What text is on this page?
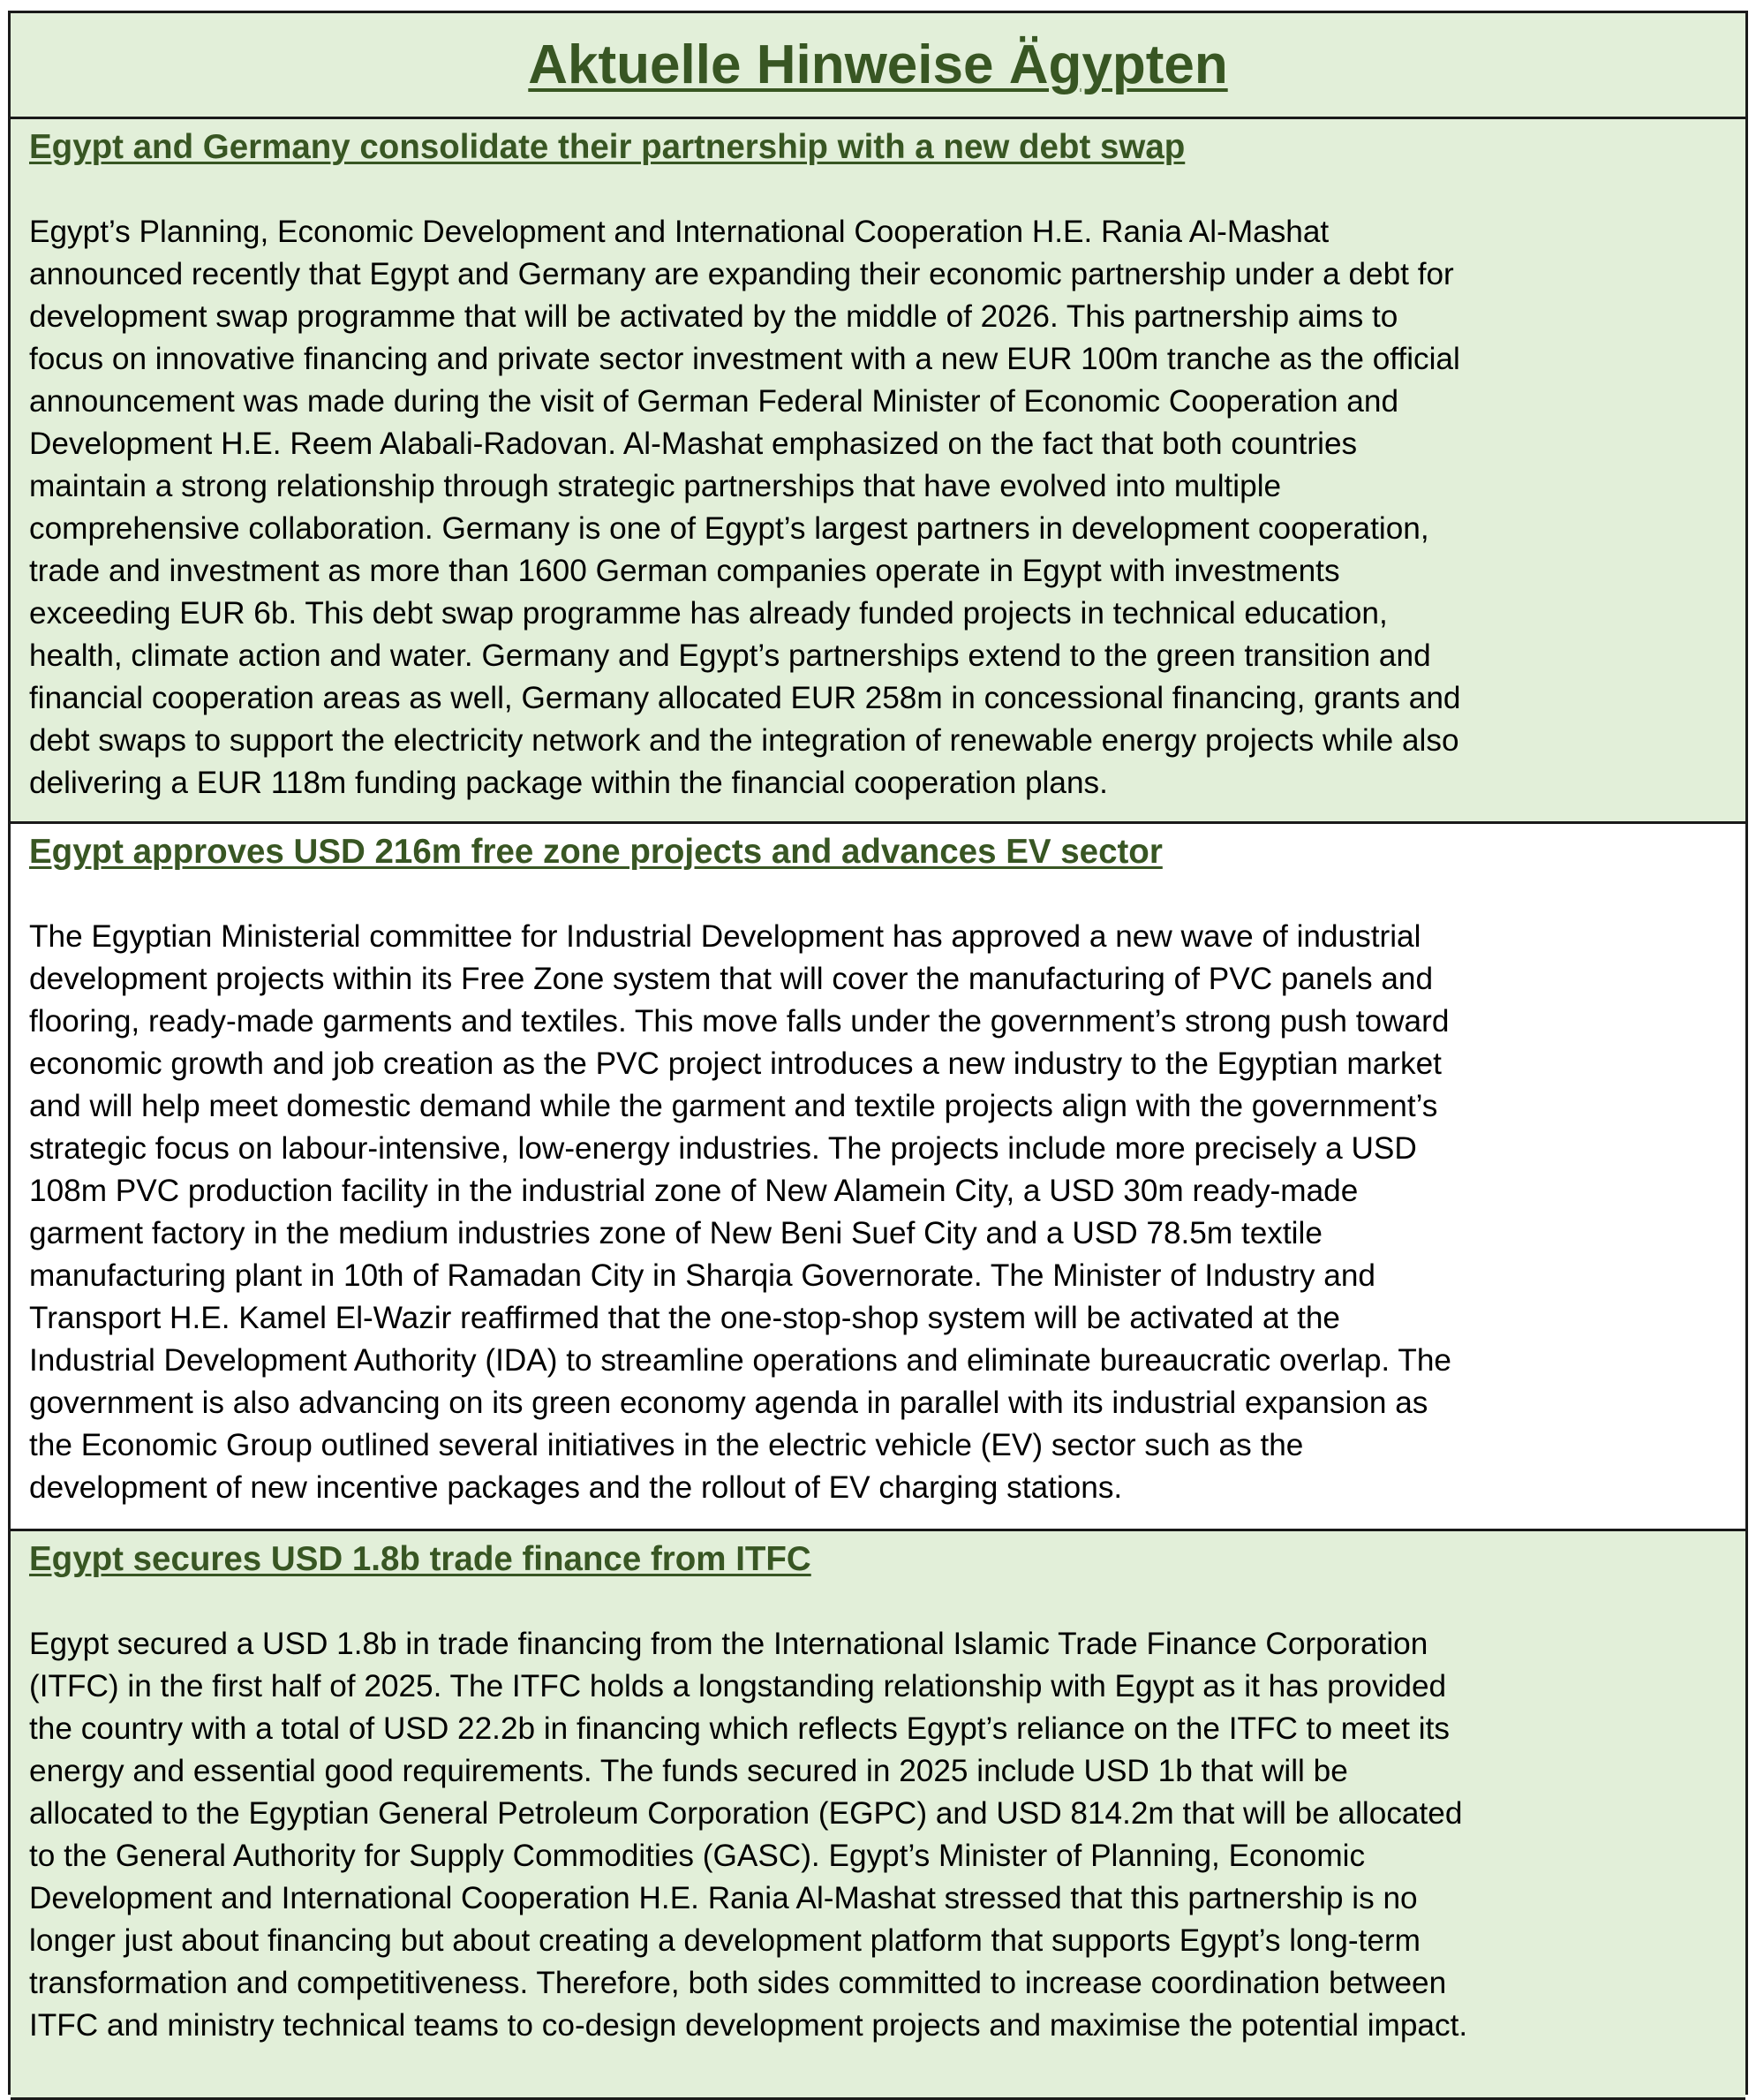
Aktuelle Hinweise Ägypten

Egypt and Germany consolidate their partnership with a new debt swap

Egypt’s Planning, Economic Development and International Cooperation H.E. Rania Al-Mashat
announced recently that Egypt and Germany are expanding their economic partnership under a debt for
development swap programme that will be activated by the middle of 2026. This partnership aims to
focus on innovative financing and private sector investment with a new EUR 100m tranche as the official
announcement was made during the visit of German Federal Minister of Economic Cooperation and
Development H.E. Reem Alabali-Radovan. Al-Mashat emphasized on the fact that both countries
maintain a strong relationship through strategic partnerships that have evolved into multiple
comprehensive collaboration. Germany is one of Egypt’s largest partners in development cooperation,
trade and investment as more than 1600 German companies operate in Egypt with investments
exceeding EUR 6b. This debt swap programme has already funded projects in technical education,
health, climate action and water. Germany and Egypt’s partnerships extend to the green transition and
financial cooperation areas as well, Germany allocated EUR 258m in concessional financing, grants and
debt swaps to support the electricity network and the integration of renewable energy projects while also
delivering a EUR 118m funding package within the financial cooperation plans.

Egypt approves USD 216m free zone projects and advances EV sector

The Egyptian Ministerial committee for Industrial Development has approved a new wave of industrial
development projects within its Free Zone system that will cover the manufacturing of PVC panels and
flooring, ready-made garments and textiles. This move falls under the government’s strong push toward
economic growth and job creation as the PVC project introduces a new industry to the Egyptian market
and will help meet domestic demand while the garment and textile projects align with the government’s
strategic focus on labour-intensive, low-energy industries. The projects include more precisely a USD
108m PVC production facility in the industrial zone of New Alamein City, a USD 30m ready-made
garment factory in the medium industries zone of New Beni Suef City and a USD 78.5m textile
manufacturing plant in 10th of Ramadan City in Sharqia Governorate. The Minister of Industry and
Transport H.E. Kamel El-Wazir reaffirmed that the one-stop-shop system will be activated at the
Industrial Development Authority (IDA) to streamline operations and eliminate bureaucratic overlap. The
government is also advancing on its green economy agenda in parallel with its industrial expansion as
the Economic Group outlined several initiatives in the electric vehicle (EV) sector such as the
development of new incentive packages and the rollout of EV charging stations.

Egypt secures USD 1.8b trade finance from ITFC

Egypt secured a USD 1.8b in trade financing from the International Islamic Trade Finance Corporation
(ITFC) in the first half of 2025. The ITFC holds a longstanding relationship with Egypt as it has provided
the country with a total of USD 22.2b in financing which reflects Egypt’s reliance on the ITFC to meet its
energy and essential good requirements. The funds secured in 2025 include USD 1b that will be
allocated to the Egyptian General Petroleum Corporation (EGPC) and USD 814.2m that will be allocated
to the General Authority for Supply Commodities (GASC). Egypt’s Minister of Planning, Economic
Development and International Cooperation H.E. Rania Al-Mashat stressed that this partnership is no
longer just about financing but about creating a development platform that supports Egypt’s long-term
transformation and competitiveness. Therefore, both sides committed to increase coordination between
ITFC and ministry technical teams to co-design development projects and maximise the potential impact.
